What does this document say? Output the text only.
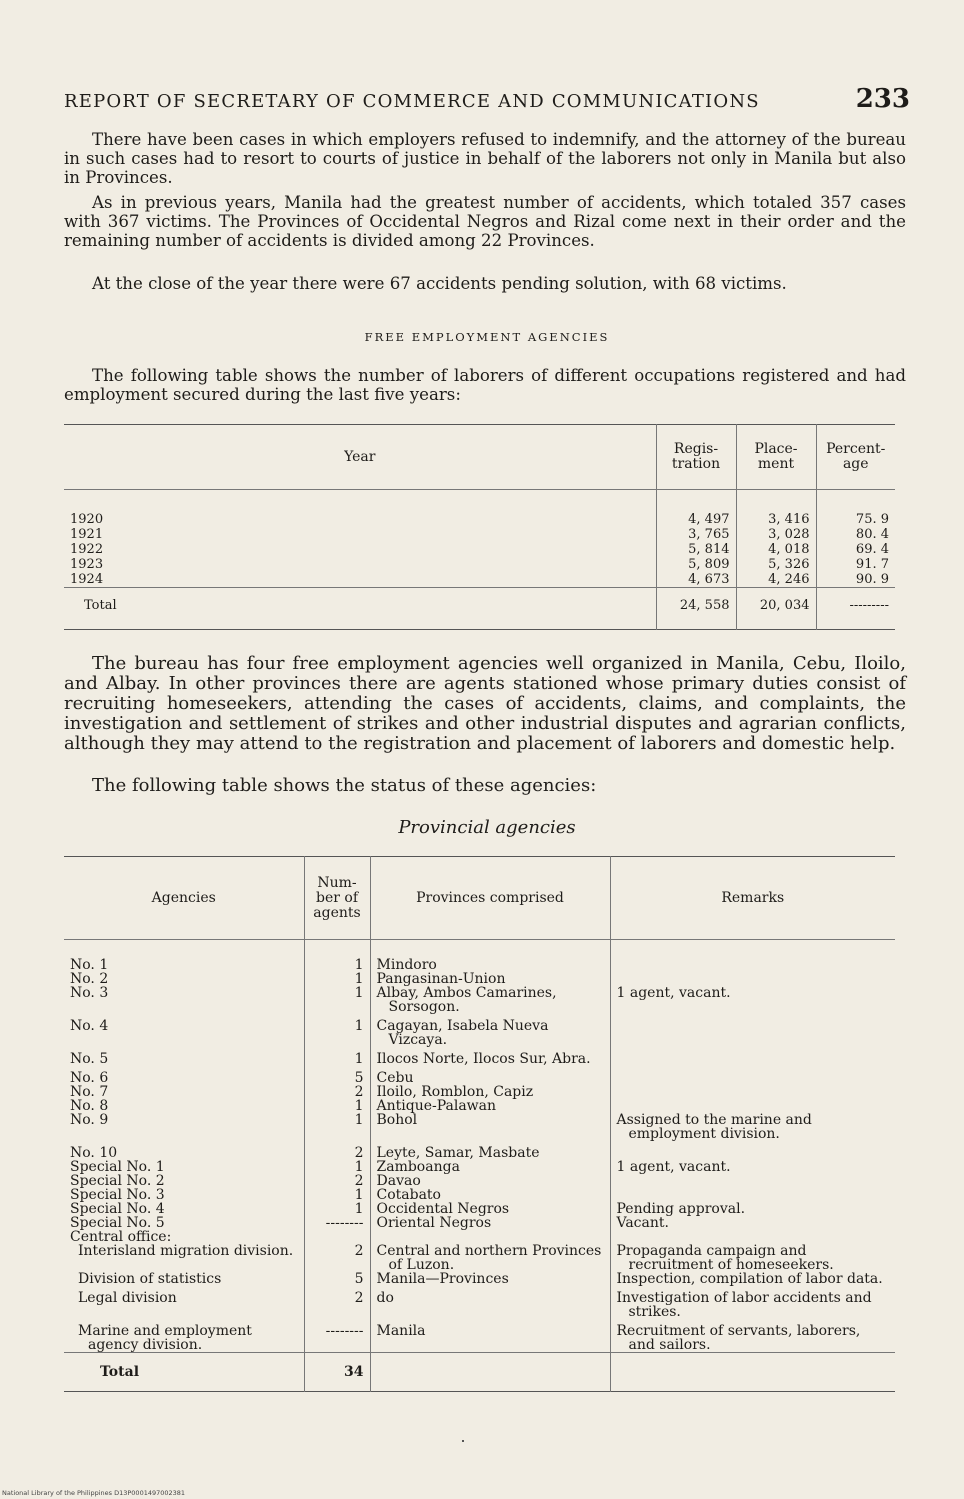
REPORT OF SECRETARY OF COMMERCE AND COMMUNICATIONS	233

There have been cases in which employers refused to indemnify, and the attorney of the bureau in such cases had to resort to courts of justice in behalf of the laborers not only in Manila but also in Provinces.

As in previous years, Manila had the greatest number of accidents, which totaled 357 cases with 367 victims. The Provinces of Occidental Negros and Rizal come next in their order and the remaining number of accidents is divided among 22 Provinces.

At the close of the year there were 67 accidents pending solution, with 68 victims.

FREE EMPLOYMENT AGENCIES

The following table shows the number of laborers of different occupations registered and had employment secured during the last five years:

Year	Regis-tration	Place-ment	Percent-age
1920	4, 497	3, 416	75. 9
1921	3, 765	3, 028	80. 4
1922	5, 814	4, 018	69. 4
1923	5, 809	5, 326	91. 7
1924	4, 673	4, 246	90. 9
Total	24, 558	20, 034	---------

The bureau has four free employment agencies well organized in Manila, Cebu, Iloilo, and Albay. In other provinces there are agents stationed whose primary duties consist of recruiting homeseekers, attending the cases of accidents, claims, and complaints, the investigation and settlement of strikes and other industrial disputes and agrarian conflicts, although they may attend to the registration and placement of laborers and domestic help.

The following table shows the status of these agencies:

Provincial agencies

Agencies	Num-ber of agents	Provinces comprised	Remarks
No. 1	1	Mindoro	
No. 2	1	Pangasinan-Union	
No. 3	1	Albay, Ambos Camarines, Sorsogon.	1 agent, vacant.
No. 4	1	Cagayan, Isabela Nueva Vizcaya.	
No. 5	1	Ilocos Norte, Ilocos Sur, Abra.	
No. 6	5	Cebu	
No. 7	2	Iloilo, Romblon, Capiz	
No. 8	1	Antique-Palawan	
No. 9	1	Bohol	Assigned to the marine and employment division.
No. 10	2	Leyte, Samar, Masbate	
Special No. 1	1	Zamboanga	1 agent, vacant.
Special No. 2	2	Davao	
Special No. 3	1	Cotabato	
Special No. 4	1	Occidental Negros	Pending approval.
Special No. 5	--------	Oriental Negros	Vacant.
Central office:			
Interisland migration division.	2	Central and northern Provinces of Luzon.	Propaganda campaign and recruitment of homeseekers.
Division of statistics	5	Manila—Provinces	Inspection, compilation of labor data.
Legal division	2	do	Investigation of labor accidents and strikes.
Marine and employment agency division.	--------	Manila	Recruitment of servants, laborers, and sailors.
Total	34		
National Library of the Philippines D13P0001497002381
